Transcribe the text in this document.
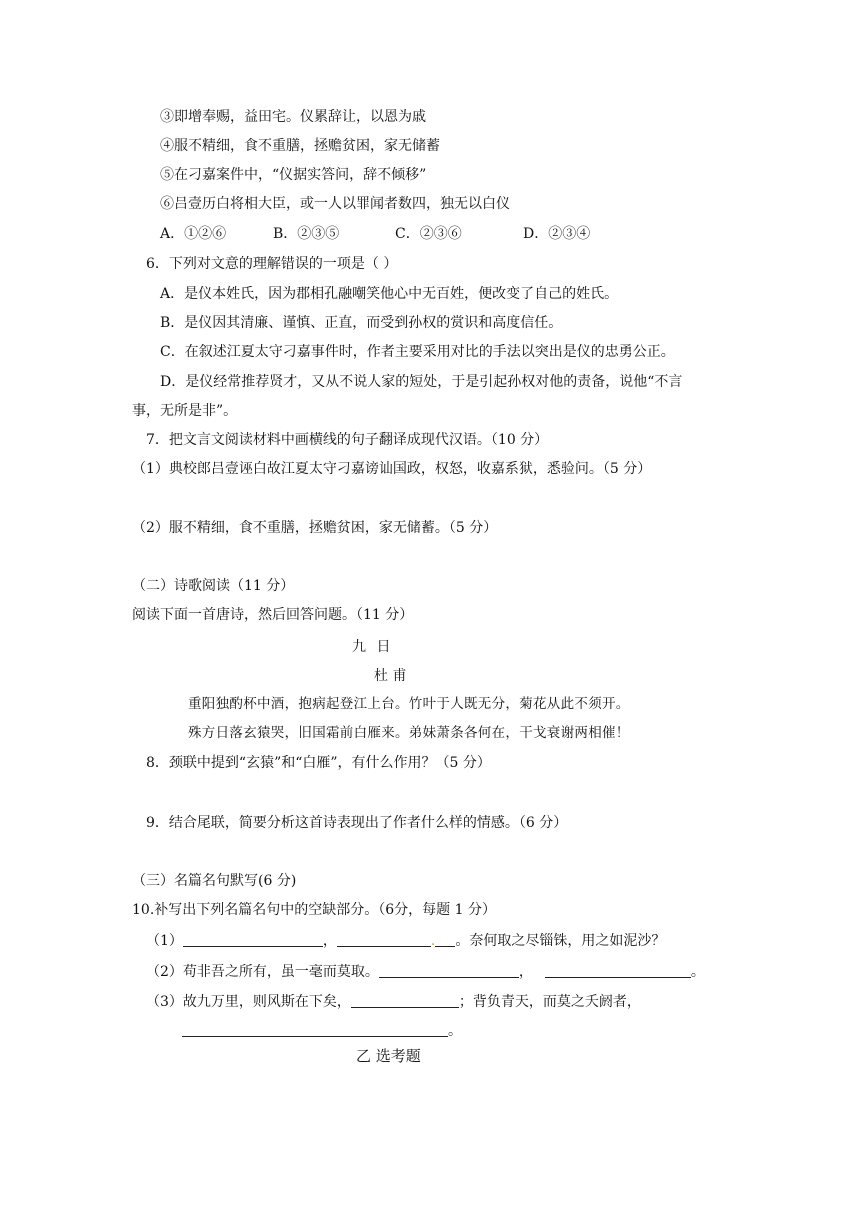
③即增奉赐，益田宅。仪累辞让，以恩为戚
④服不精细，食不重膳，拯赡贫困，家无储蓄
⑤在刁嘉案件中，“仪据实答问，辞不倾移”
⑥吕壹历白将相大臣，或一人以罪闻者数四，独无以白仪
A．①②⑥	B．②③⑤	C．②③⑥	D．②③④
6．下列对文意的理解错误的一项是（ ）
A．是仪本姓氏，因为郡相孔融嘲笑他心中无百姓，便改变了自己的姓氏。
B．是仪因其清廉、谨慎、正直，而受到孙权的赏识和高度信任。
C．在叙述江夏太守刁嘉事件时，作者主要采用对比的手法以突出是仪的忠勇公正。
D．是仪经常推荐贤才，又从不说人家的短处，于是引起孙权对他的责备，说他“不言
事，无所是非”。
7．把文言文阅读材料中画横线的句子翻译成现代汉语。（10 分）
（1）典校郎吕壹诬白故江夏太守刁嘉谤讪国政，权怒，收嘉系狱，悉验问。（5 分）
（2）服不精细，食不重膳，拯赡贫困，家无储蓄。（5 分）
（二）诗歌阅读（11 分）
阅读下面一首唐诗，然后回答问题。（11 分）
九 日
杜 甫
重阳独酌杯中酒，抱病起登江上台。竹叶于人既无分，菊花从此不须开。
殊方日落玄猿哭，旧国霜前白雁来。弟妹萧条各何在，干戈衰谢两相催！
8．颈联中提到“玄猿”和“白雁”，有什么作用？（5 分）
9．结合尾联，简要分析这首诗表现出了作者什么样的情感。（6 分）
（三）名篇名句默写(6 分)
10.补写出下列名篇名句中的空缺部分。（6分，每题 1 分）
（1）	，	. 。奈何取之尽锱铢，用之如泥沙？
（2）苟非吾之所有，虽一毫而莫取。	，	。
（3）故九万里，则风斯在下矣，	；背负青天，而莫之夭阏者，
。
乙 选考题
